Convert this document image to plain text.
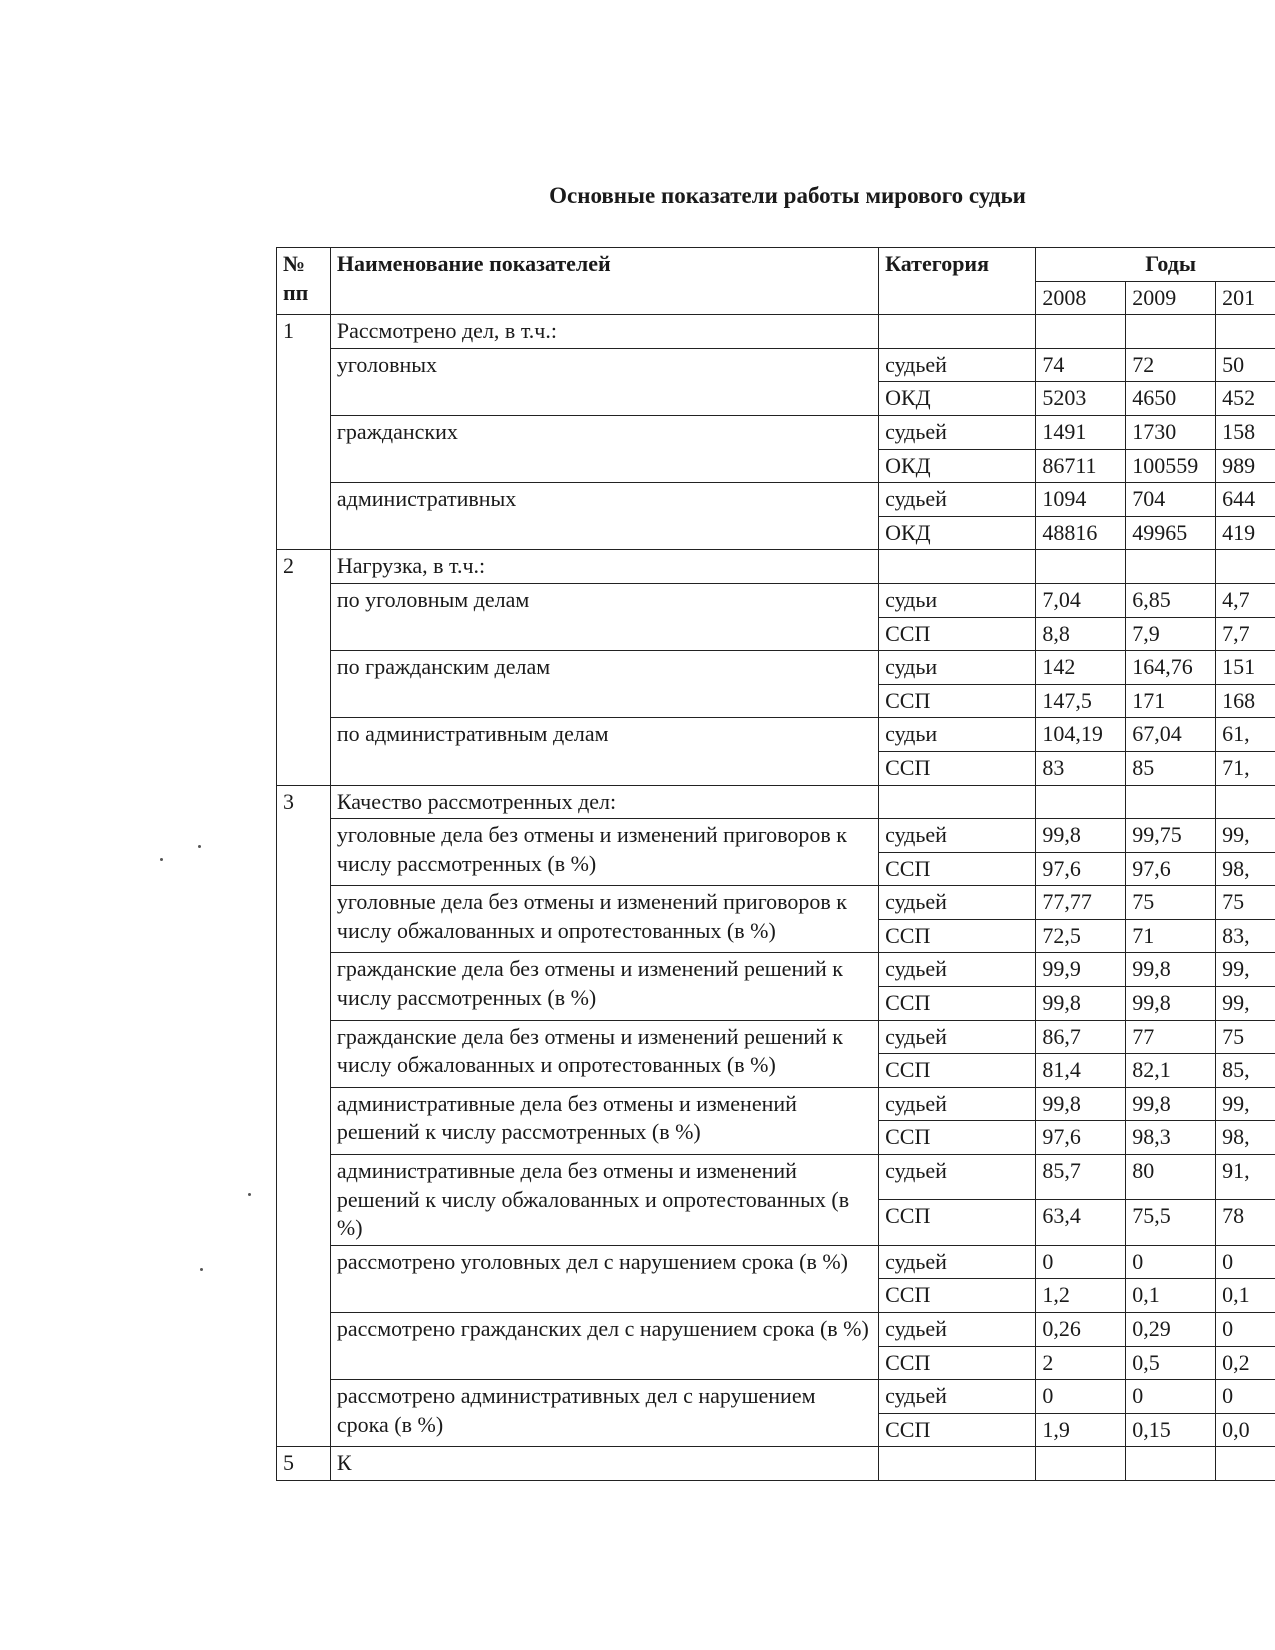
Основные показатели работы мирового судьи
№ пп	Наименование показателей	Категория	Годы		
			2008	2009	201
1	Рассмотрено дел, в т.ч.:				
	уголовных	судьей	74	72	50
		ОКД	5203	4650	452
	гражданских	судьей	1491	1730	158
		ОКД	86711	100559	989
	административных	судьей	1094	704	644
		ОКД	48816	49965	419
2	Нагрузка, в т.ч.:				
	по уголовным делам	судьи	7,04	6,85	4,7
		ССП	8,8	7,9	7,7
	по гражданским делам	судьи	142	164,76	151
		ССП	147,5	171	168
	по административным делам	судьи	104,19	67,04	61,
		ССП	83	85	71,
3	Качество рассмотренных дел:				
	уголовные дела без отмены и изменений приговоров к числу рассмотренных (в %)	судьей	99,8	99,75	99,
		ССП	97,6	97,6	98,
	уголовные дела без отмены и изменений приговоров к числу обжалованных и опротестованных (в %)	судьей	77,77	75	75
		ССП	72,5	71	83,
	гражданские дела без отмены и изменений решений к числу рассмотренных (в %)	судьей	99,9	99,8	99,
		ССП	99,8	99,8	99,
	гражданские дела без отмены и изменений решений к числу обжалованных и опротестованных (в %)	судьей	86,7	77	75
		ССП	81,4	82,1	85,
	административные дела без отмены и изменений решений к числу рассмотренных (в %)	судьей	99,8	99,8	99,
		ССП	97,6	98,3	98,
	административные дела без отмены и изменений решений к числу обжалованных и опротестованных (в %)	судьей	85,7	80	91,
		ССП	63,4	75,5	78
	рассмотрено уголовных дел с нарушением срока (в %)	судьей	0	0	0
		ССП	1,2	0,1	0,1
	рассмотрено гражданских дел с нарушением срока (в %)	судьей	0,26	0,29	0
		ССП	2	0,5	0,2
	рассмотрено административных дел с нарушением срока (в %)	судьей	0	0	0
		ССП	1,9	0,15	0,0
5	К				
